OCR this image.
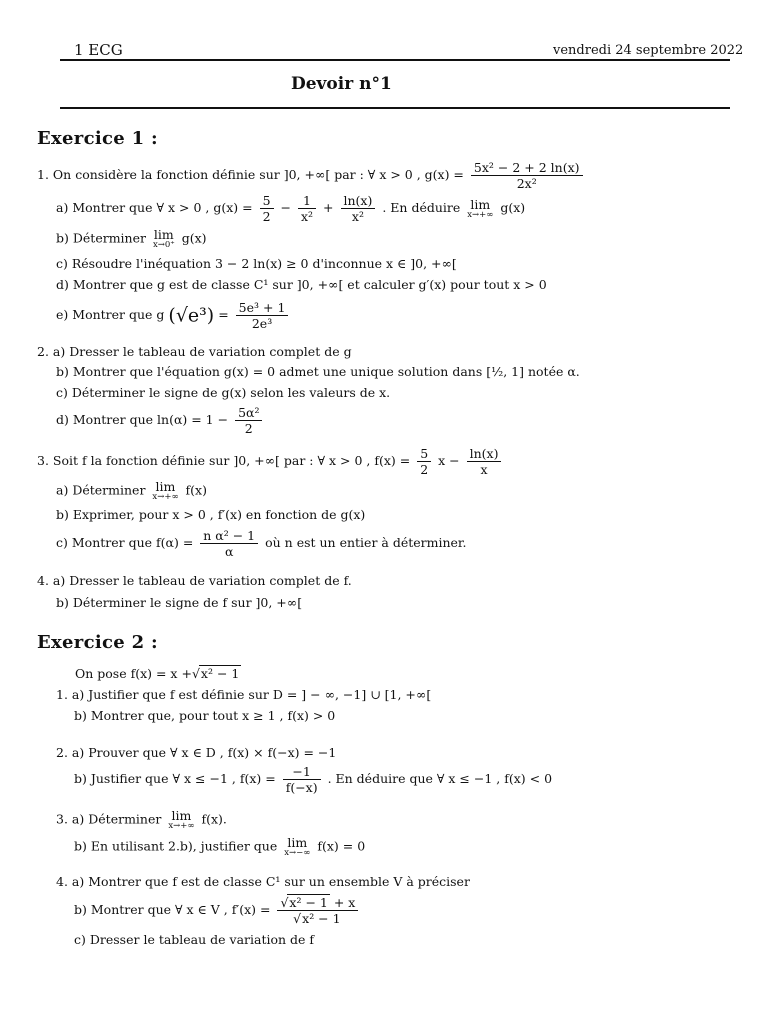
1 ECG	vendredi 24 septembre 2022
Devoir n°1
Exercice 1 :
1. On considère la fonction définie sur ]0, +∞[ par : ∀ x > 0 , $g(x) = \frac{\text{5x² − 2 + 2 ln(x)}}{\text{2x²}}$
a) Montrer que ∀ x > 0 , $g(x) = \frac{5}{2} - \frac{1}{\text{x²}} + \frac{\ln(x)}{\text{x²}}$ . En déduire lim
x→+∞ g(x)
b) Déterminer lim
x→0⁺ g(x)
c) Résoudre l'inéquation 3 − 2 ln(x) ≥ 0 d'inconnue x ∈ ]0, +∞[
d) Montrer que g est de classe C¹ sur ]0, +∞[ et calculer g′(x) pour tout x > 0
e) Montrer que g $(√e^3) = \frac{\text{5e³ + 1}}{\text{2e³}}$
2. a) Dresser le tableau de variation complet de g
b) Montrer que l'équation g(x) = 0 admet une unique solution dans [½, 1] notée α.
c) Déterminer le signe de g(x) selon les valeurs de x.
d) Montrer que $\ln(\alpha) = 1 - \frac{\text{5α²}}{2}$
3. Soit f la fonction définie sur ]0, +∞[ par : ∀ x > 0 , $f(x) = \frac{5}{2}$ $x - \frac{\ln(x)}{x}$
a) Déterminer lim
x→+∞ f(x)
b) Exprimer, pour x > 0 , f′(x) en fonction de g(x)
c) Montrer que $f(\alpha) = \frac{\text{n α² − 1}}{\alpha}$ où n est un entier à déterminer.
4. a) Dresser le tableau de variation complet de f.
b) Déterminer le signe de f sur ]0, +∞[
Exercice 2 :
On pose f(x) = x +√x² − 1
1. a) Justifier que f est définie sur D = ] − ∞, −1] ∪ [1, +∞[
b) Montrer que, pour tout x ≥ 1 , f(x) > 0
2. a) Prouver que ∀ x ∈ D , f(x) × f(−x) = −1
b) Justifier que ∀ x ≤ −1 , $f(x) = \frac{-1}{f(-x)}$ . En déduire que ∀ x ≤ −1 , f(x) < 0
3. a) Déterminer lim
x→+∞ f(x).
b) En utilisant 2.b), justifier que lim
x→−∞ f(x) = 0
4. a) Montrer que f est de classe C¹ sur un ensemble V à préciser
b) Montrer que ∀ x ∈ V , $f'(x) = \frac{\text{√x² − 1 + x}}{\text{√x² − 1}}$
c) Dresser le tableau de variation de f
